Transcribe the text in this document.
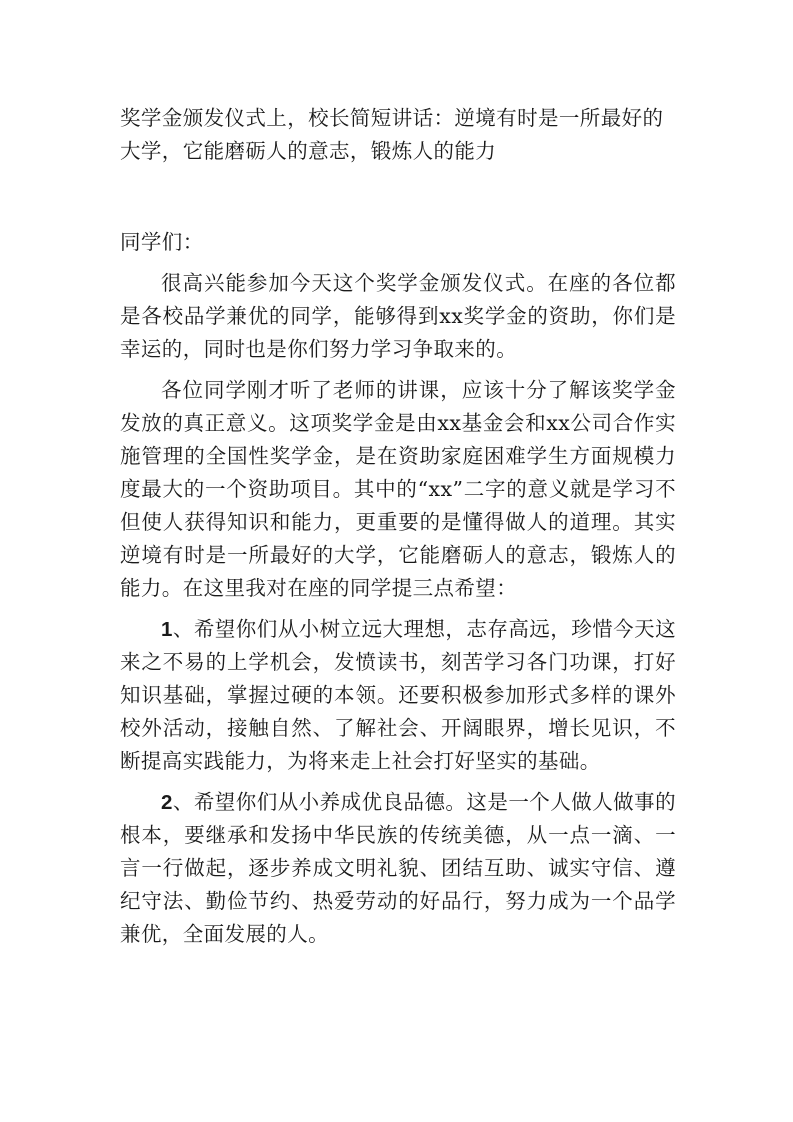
奖学金颁发仪式上，校长简短讲话：逆境有时是一所最好的大学，它能磨砺人的意志，锻炼人的能力

同学们：

很高兴能参加今天这个奖学金颁发仪式。在座的各位都是各校品学兼优的同学，能够得到xx奖学金的资助，你们是幸运的，同时也是你们努力学习争取来的。

各位同学刚才听了老师的讲课，应该十分了解该奖学金发放的真正意义。这项奖学金是由xx基金会和xx公司合作实施管理的全国性奖学金，是在资助家庭困难学生方面规模力度最大的一个资助项目。其中的“xx”二字的意义就是学习不但使人获得知识和能力，更重要的是懂得做人的道理。其实逆境有时是一所最好的大学，它能磨砺人的意志，锻炼人的能力。在这里我对在座的同学提三点希望：

1、希望你们从小树立远大理想，志存高远，珍惜今天这来之不易的上学机会，发愤读书，刻苦学习各门功课，打好知识基础，掌握过硬的本领。还要积极参加形式多样的课外校外活动，接触自然、了解社会、开阔眼界，增长见识，不断提高实践能力，为将来走上社会打好坚实的基础。

2、希望你们从小养成优良品德。这是一个人做人做事的根本，要继承和发扬中华民族的传统美德，从一点一滴、一言一行做起，逐步养成文明礼貌、团结互助、诚实守信、遵纪守法、勤俭节约、热爱劳动的好品行，努力成为一个品学兼优，全面发展的人。
